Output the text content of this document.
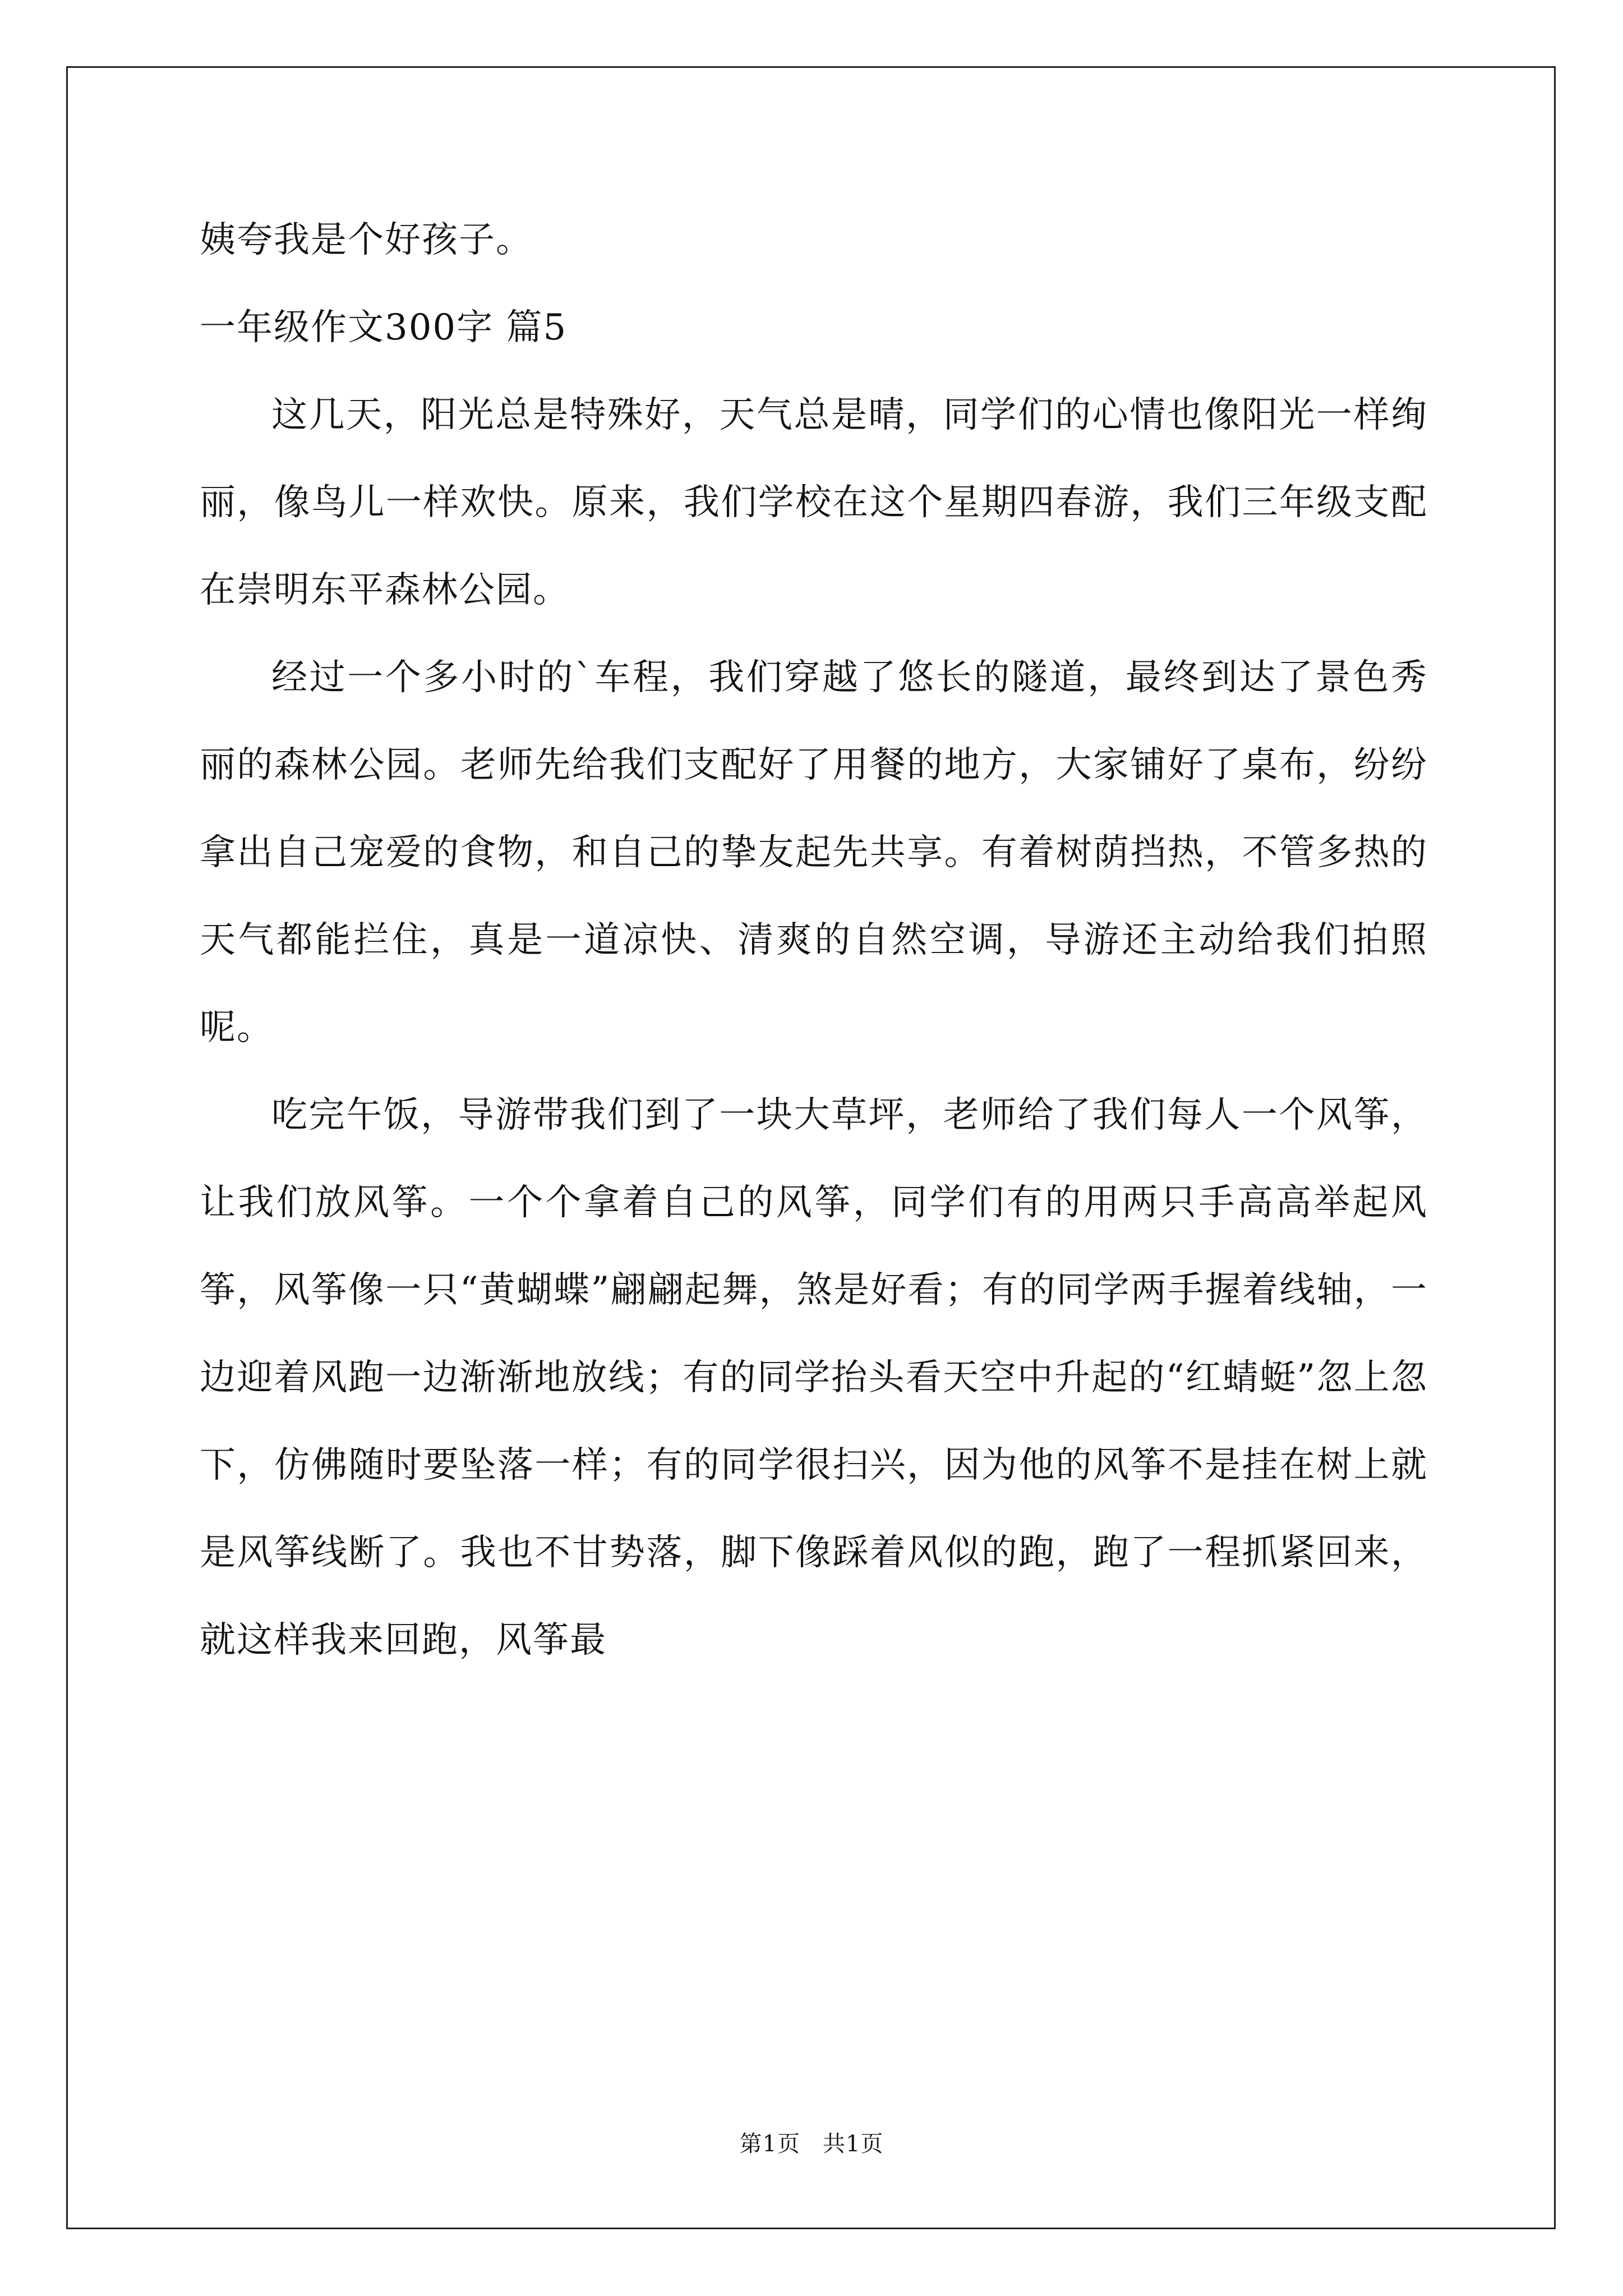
姨夸我是个好孩子。
一年级作文300字 篇5

这几天，阳光总是特殊好，天气总是晴，同学们的心情也像阳光一样绚丽，像鸟儿一样欢快。原来，我们学校在这个星期四春游，我们三年级支配在崇明东平森林公园。

经过一个多小时的`车程，我们穿越了悠长的隧道，最终到达了景色秀丽的森林公园。老师先给我们支配好了用餐的地方，大家铺好了桌布，纷纷拿出自己宠爱的食物，和自己的挚友起先共享。有着树荫挡热，不管多热的天气都能拦住，真是一道凉快、清爽的自然空调，导游还主动给我们拍照呢。

吃完午饭，导游带我们到了一块大草坪，老师给了我们每人一个风筝，让我们放风筝。一个个拿着自己的风筝，同学们有的用两只手高高举起风筝，风筝像一只“黄蝴蝶”翩翩起舞，煞是好看；有的同学两手握着线轴，一边迎着风跑一边渐渐地放线；有的同学抬头看天空中升起的“红蜻蜓”忽上忽下，仿佛随时要坠落一样；有的同学很扫兴，因为他的风筝不是挂在树上就是风筝线断了。我也不甘势落，脚下像踩着风似的跑，跑了一程抓紧回来，就这样我来回跑，风筝最

第1页 共1页
